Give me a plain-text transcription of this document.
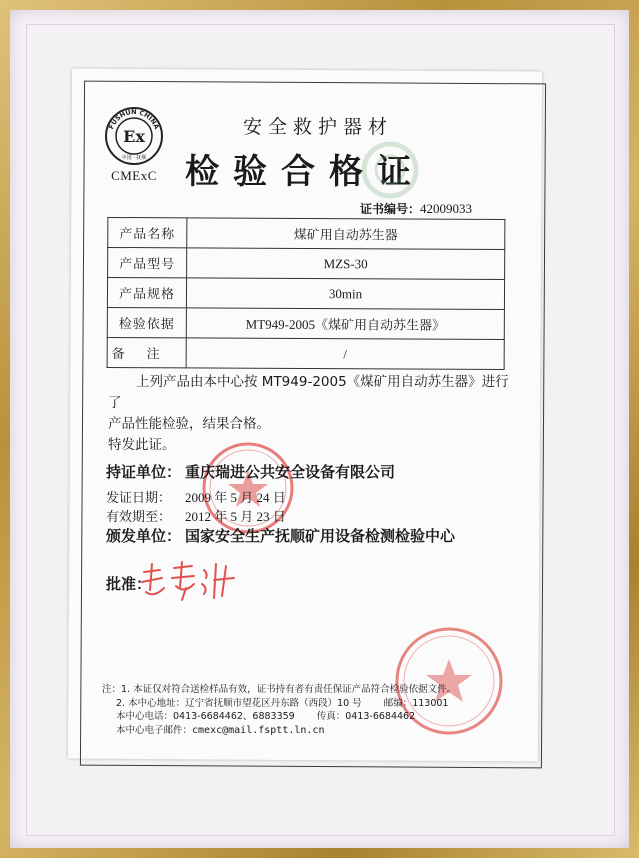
FUSHUN CHINA
中国 · 抚顺
Ex
CMExC
安全救护器材
检验合格证
证书编号：42009033
产品名称	煤矿用自动苏生器
产品型号	MZS-30
产品规格	30min
检验依据	MT949-2005《煤矿用自动苏生器》
备注	/

上列产品由本中心按 MT949-2005《煤矿用自动苏生器》进行了

产品性能检验，结果合格。

特发此证。

持证单位： 重庆瑞进公共安全设备有限公司
发证日期： 2009 年 5 月 24 日
有效期至： 2012 年 5 月 23 日
颁发单位： 国家安全生产抚顺矿用设备检测检验中心
批准：
注：1. 本证仅对符合送检样品有效，证书持有者有责任保证产品符合检验依据文件。
2. 本中心地址：辽宁省抚顺市望花区丹东路（西段）10 号 邮编：113001
本中心电话：0413-6684462、6883359 传真：0413-6684462
本中心电子邮件：cmexc@mail.fsptt.ln.cn
